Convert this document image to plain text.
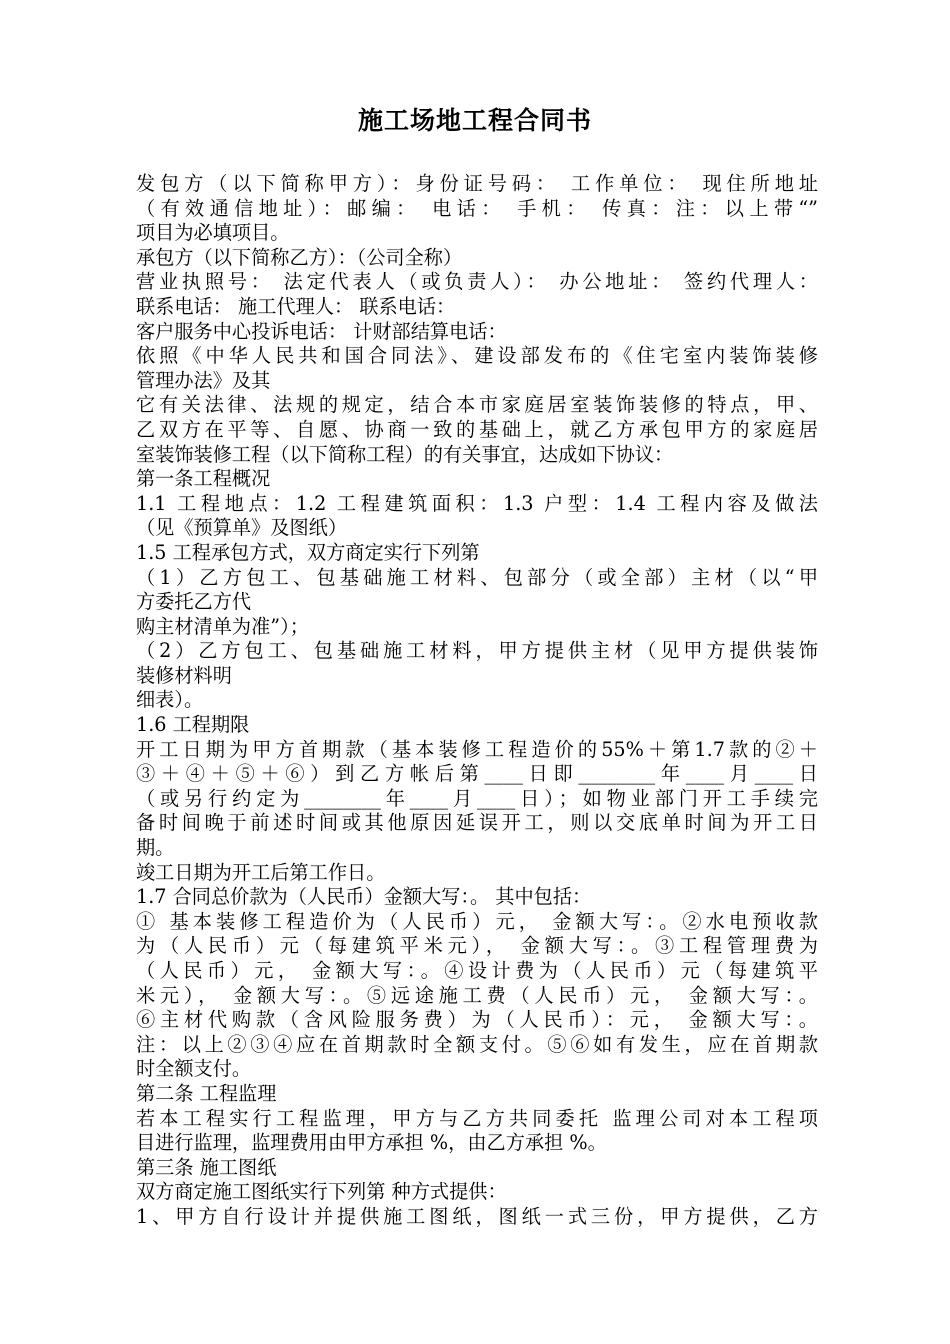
施工场地工程合同书
发包方（以下简称甲方）：身份证号码： 工作单位： 现住所地址
（有效通信地址）：邮编： 电话： 手机： 传真：注：以上带“”
项目为必填项目。
承包方（以下简称乙方）：（公司全称）
营业执照号： 法定代表人（或负责人）： 办公地址： 签约代理人：
联系电话： 施工代理人： 联系电话：
客户服务中心投诉电话： 计财部结算电话：
依照《中华人民共和国合同法》、建设部发布的《住宅室内装饰装修
管理办法》及其
它有关法律、法规的规定，结合本市家庭居室装饰装修的特点，甲、
乙双方在平等、自愿、协商一致的基础上，就乙方承包甲方的家庭居
室装饰装修工程（以下简称工程）的有关事宜，达成如下协议：
第一条工程概况
1.1 工程地点：1.2 工程建筑面积：1.3 户型：1.4 工程内容及做法
（见《预算单》及图纸）
1.5 工程承包方式，双方商定实行下列第
（1）乙方包工、包基础施工材料、包部分（或全部）主材（以“甲
方委托乙方代
购主材清单为准”）；
（2）乙方包工、包基础施工材料，甲方提供主材（见甲方提供装饰
装修材料明
细表）。
1.6 工程期限
开工日期为甲方首期款（基本装修工程造价的55%＋第1.7款的②＋
③＋④＋⑤＋⑥）到乙方帐后第____日即________年____月____日
（或另行约定为________年____月____日）；如物业部门开工手续完
备时间晚于前述时间或其他原因延误开工，则以交底单时间为开工日
期。
竣工日期为开工后第工作日。
1.7 合同总价款为（人民币）金额大写：。 其中包括：
① 基本装修工程造价为（人民币）元， 金额大写：。②水电预收款
为（人民币）元（每建筑平米元）， 金额大写：。③工程管理费为
（人民币）元， 金额大写：。④设计费为（人民币）元（每建筑平
米元）， 金额大写：。⑤远途施工费（人民币）元， 金额大写：。
⑥主材代购款（含风险服务费）为（人民币）：元， 金额大写：。
注：以上②③④应在首期款时全额支付。⑤⑥如有发生，应在首期款
时全额支付。
第二条 工程监理
若本工程实行工程监理，甲方与乙方共同委托 监理公司对本工程项
目进行监理，监理费用由甲方承担 %，由乙方承担 %。
第三条 施工图纸
双方商定施工图纸实行下列第 种方式提供：
1、甲方自行设计并提供施工图纸，图纸一式三份，甲方提供，乙方
